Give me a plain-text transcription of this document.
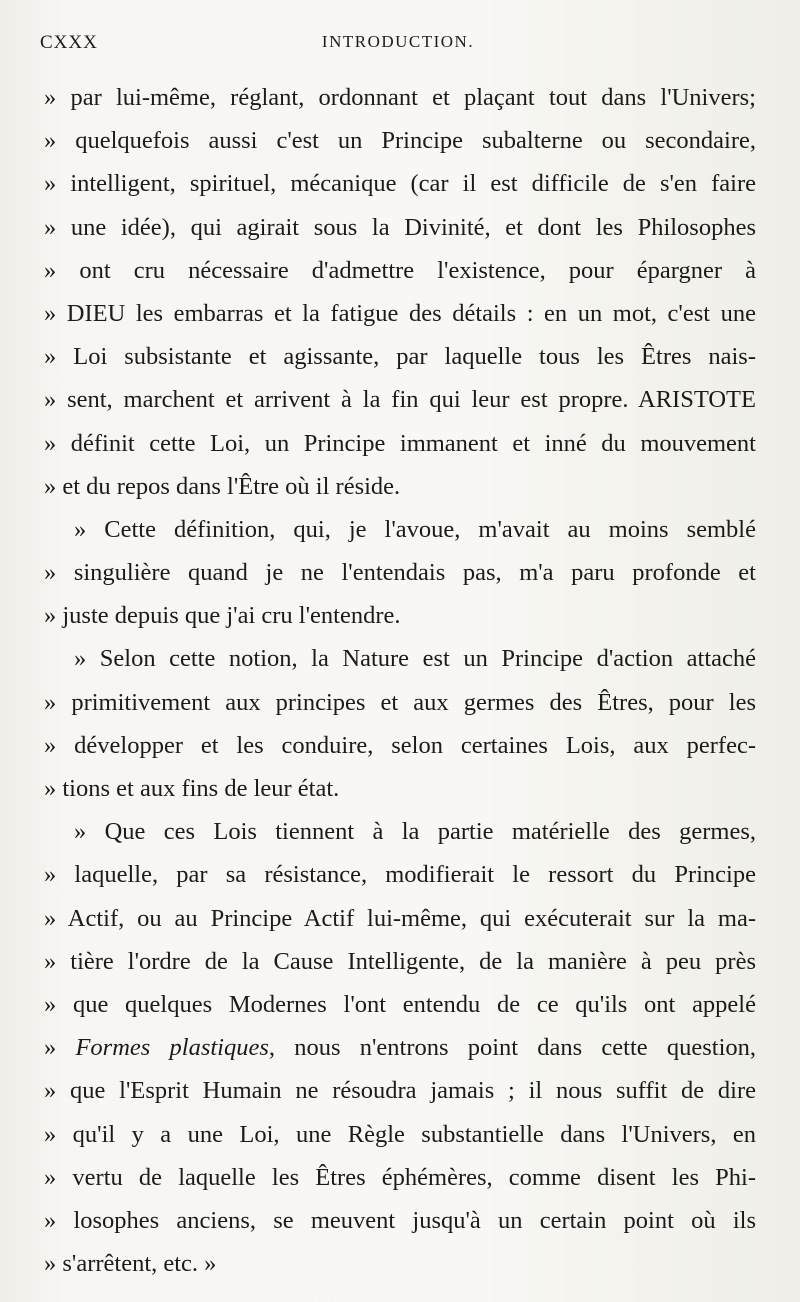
CXXX	INTRODUCTION.
» par lui-même, réglant, ordonnant et plaçant tout dans l'Univers;
» quelquefois aussi c'est un Principe subalterne ou secondaire,
» intelligent, spirituel, mécanique (car il est difficile de s'en faire
» une idée), qui agirait sous la Divinité, et dont les Philosophes
» ont cru nécessaire d'admettre l'existence, pour épargner à
» DIEU les embarras et la fatigue des détails : en un mot, c'est une
» Loi subsistante et agissante, par laquelle tous les Êtres nais-
» sent, marchent et arrivent à la fin qui leur est propre. ARISTOTE
» définit cette Loi, un Principe immanent et inné du mouvement
» et du repos dans l'Être où il réside.
» Cette définition, qui, je l'avoue, m'avait au moins semblé
» singulière quand je ne l'entendais pas, m'a paru profonde et
» juste depuis que j'ai cru l'entendre.
» Selon cette notion, la Nature est un Principe d'action attaché
» primitivement aux principes et aux germes des Êtres, pour les
» développer et les conduire, selon certaines Lois, aux perfec-
» tions et aux fins de leur état.
» Que ces Lois tiennent à la partie matérielle des germes,
» laquelle, par sa résistance, modifierait le ressort du Principe
» Actif, ou au Principe Actif lui-même, qui exécuterait sur la ma-
» tière l'ordre de la Cause Intelligente, de la manière à peu près
» que quelques Modernes l'ont entendu de ce qu'ils ont appelé
» Formes plastiques, nous n'entrons point dans cette question,
» que l'Esprit Humain ne résoudra jamais ; il nous suffit de dire
» qu'il y a une Loi, une Règle substantielle dans l'Univers, en
» vertu de laquelle les Êtres éphémères, comme disent les Phi-
» losophes anciens, se meuvent jusqu'à un certain point où ils
» s'arrêtent, etc. »
